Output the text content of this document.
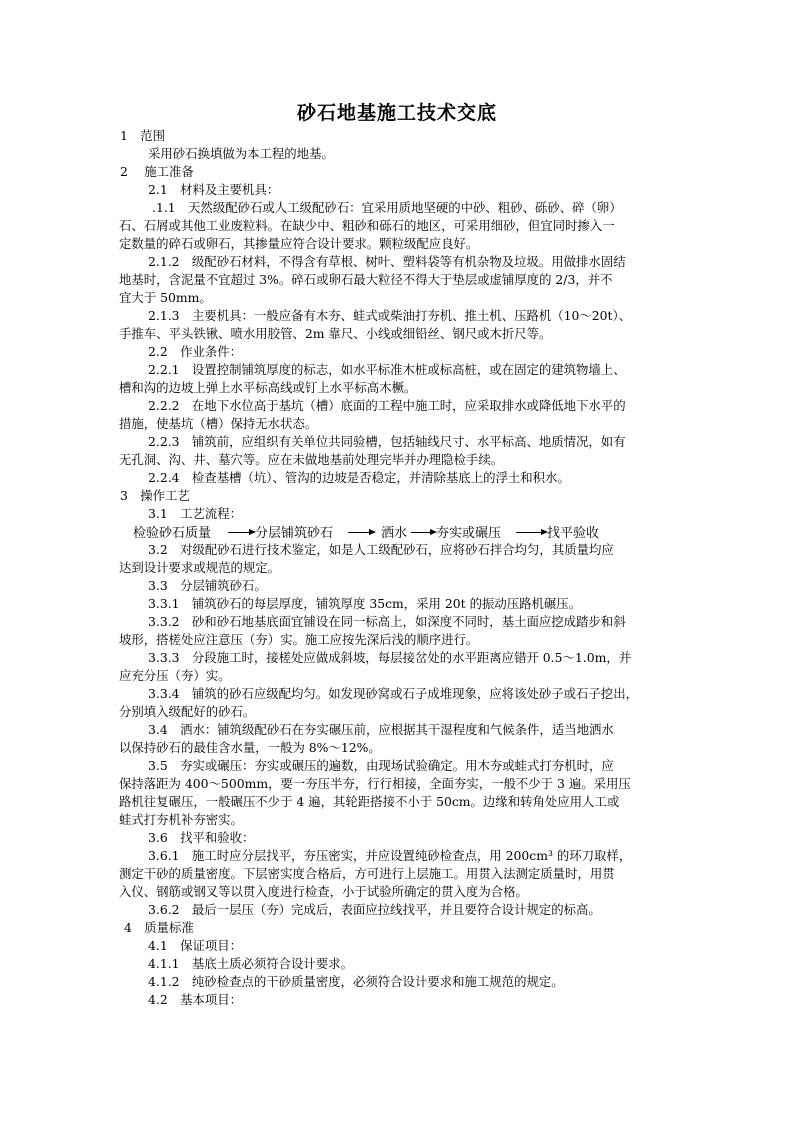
砂石地基施工技术交底
1　范围
采用砂石换填做为本工程的地基。
2　 施工准备
2.1　材料及主要机具：
.1.1　天然级配砂石或人工级配砂石：宜采用质地坚硬的中砂、粗砂、砾砂、碎（卵）
石、石屑或其他工业废粒料。在缺少中、粗砂和砾石的地区，可采用细砂，但宜同时掺入一
定数量的碎石或卵石，其掺量应符合设计要求。颗粒级配应良好。
2.1.2　级配砂石材料，不得含有草根、树叶、塑料袋等有机杂物及垃圾。用做排水固结
地基时，含泥量不宜超过 3%。碎石或卵石最大粒径不得大于垫层或虚铺厚度的 2/3，并不
宜大于 50mm。
2.1.3　主要机具：一般应备有木夯、蛙式或柴油打夯机、推土机、压路机（10～20t）、
手推车、平头铁锹、喷水用胶管、2m 靠尺、小线或细铅丝、钢尺或木折尺等。
2.2　作业条件：
2.2.1　设置控制铺筑厚度的标志，如水平标准木桩或标高桩，或在固定的建筑物墙上、
槽和沟的边坡上弹上水平标高线或钉上水平标高木橛。
2.2.2　在地下水位高于基坑（槽）底面的工程中施工时，应采取排水或降低地下水平的
措施，使基坑（槽）保持无水状态。
2.2.3　铺筑前，应组织有关单位共同验槽，包括轴线尺寸、水平标高、地质情况，如有
无孔洞、沟、井、墓穴等。应在未做地基前处理完毕并办理隐检手续。
2.2.4　检查基槽（坑）、管沟的边坡是否稳定，并清除基底上的浮土和积水。
3　操作工艺
3.1　工艺流程：
检验砂石质量	分层铺筑砂石	洒水 夯实或碾压	找平验收
3.2　对级配砂石进行技术鉴定，如是人工级配砂石，应将砂石拌合均匀，其质量均应
达到设计要求或规范的规定。
3.3　分层铺筑砂石。
3.3.1　铺筑砂石的每层厚度，铺筑厚度 35cm，采用 20t 的振动压路机碾压。
3.3.2　砂和砂石地基底面宜铺设在同一标高上，如深度不同时，基土面应挖成踏步和斜
坡形，搭槎处应注意压（夯）实。施工应按先深后浅的顺序进行。
3.3.3　分段施工时，接槎处应做成斜坡，每层接岔处的水平距离应错开 0.5～1.0m，并
应充分压（夯）实。
3.3.4　铺筑的砂石应级配均匀。如发现砂窝或石子成堆现象，应将该处砂子或石子挖出，
分别填入级配好的砂石。
3.4　洒水：铺筑级配砂石在夯实碾压前，应根据其干湿程度和气候条件，适当地洒水
以保持砂石的最佳含水量，一般为 8%～12%。
3.5　夯实或碾压：夯实或碾压的遍数，由现场试验确定。用木夯或蛙式打夯机时，应
保持落距为 400～500mm，要一夯压半夯，行行相接，全面夯实，一般不少于 3 遍。采用压
路机往复碾压，一般碾压不少于 4 遍，其轮距搭接不小于 50cm。边缘和转角处应用人工或
蛙式打夯机补夯密实。
3.6　找平和验收：
3.6.1　施工时应分层找平，夯压密实，并应设置纯砂检查点，用 200cm³ 的环刀取样，
测定干砂的质量密度。下层密实度合格后，方可进行上层施工。用贯入法测定质量时，用贯
入仪、钢筋或钢叉等以贯入度进行检查，小于试验所确定的贯入度为合格。
3.6.2　最后一层压（夯）完成后，表面应拉线找平，并且要符合设计规定的标高。
4　质量标准
4.1　保证项目：
4.1.1　基底土质必须符合设计要求。
4.1.2　纯砂检查点的干砂质量密度，必须符合设计要求和施工规范的规定。
4.2　基本项目：
